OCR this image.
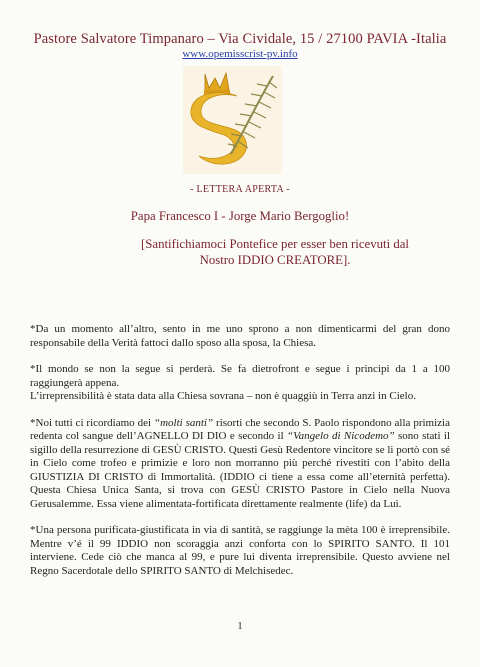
Pastore Salvatore Timpanaro – Via Cividale, 15 / 27100 PAVIA -Italia
www.opemisscrist-pv.info
- LETTERA APERTA -
Papa Francesco I - Jorge Mario Bergoglio!
[Santifichiamoci Pontefice per esser ben ricevuti dal Nostro IDDIO CREATORE].

*Da un momento all’altro, sento in me uno sprono a non dimenticarmi del gran dono responsabile della Verità fattoci dallo sposo alla sposa, la Chiesa.

*Il mondo se non la segue si perderà. Se fa dietrofront e segue i principi da 1 a 100 raggiungerà appena.

L’irreprensibilità è stata data alla Chiesa sovrana – non è quaggiù in Terra anzi in Cielo.

*Noi tutti ci ricordiamo dei “molti santi” risorti che secondo S. Paolo rispondono alla primizia redenta col sangue dell’AGNELLO DI DIO e secondo il “Vangelo di Nicodemo” sono stati il sigillo della resurrezione di GESÙ CRISTO. Questi Gesù Redentore vincitore se li portò con sé in Cielo come trofeo e primizie e loro non morranno più perché rivestiti con l’abito della GIUSTIZIA DI CRISTO di Immortalità. (IDDIO ci tiene a essa come all’eternità perfetta). Questa Chiesa Unica Santa, si trova con GESÙ CRISTO Pastore in Cielo nella Nuova Gerusalemme. Essa viene alimentata-fortificata direttamente realmente (life) da Lui.

*Una persona purificata-giustificata in via di santità, se raggiunge la mèta 100 è irreprensibile. Mentre v’é il 99 IDDIO non scoraggia anzi conforta con lo SPIRITO SANTO. Il 101 interviene. Cede ciò che manca al 99, e pure lui diventa irreprensibile. Questo avviene nel Regno Sacerdotale dello SPIRITO SANTO di Melchisedec.

1
